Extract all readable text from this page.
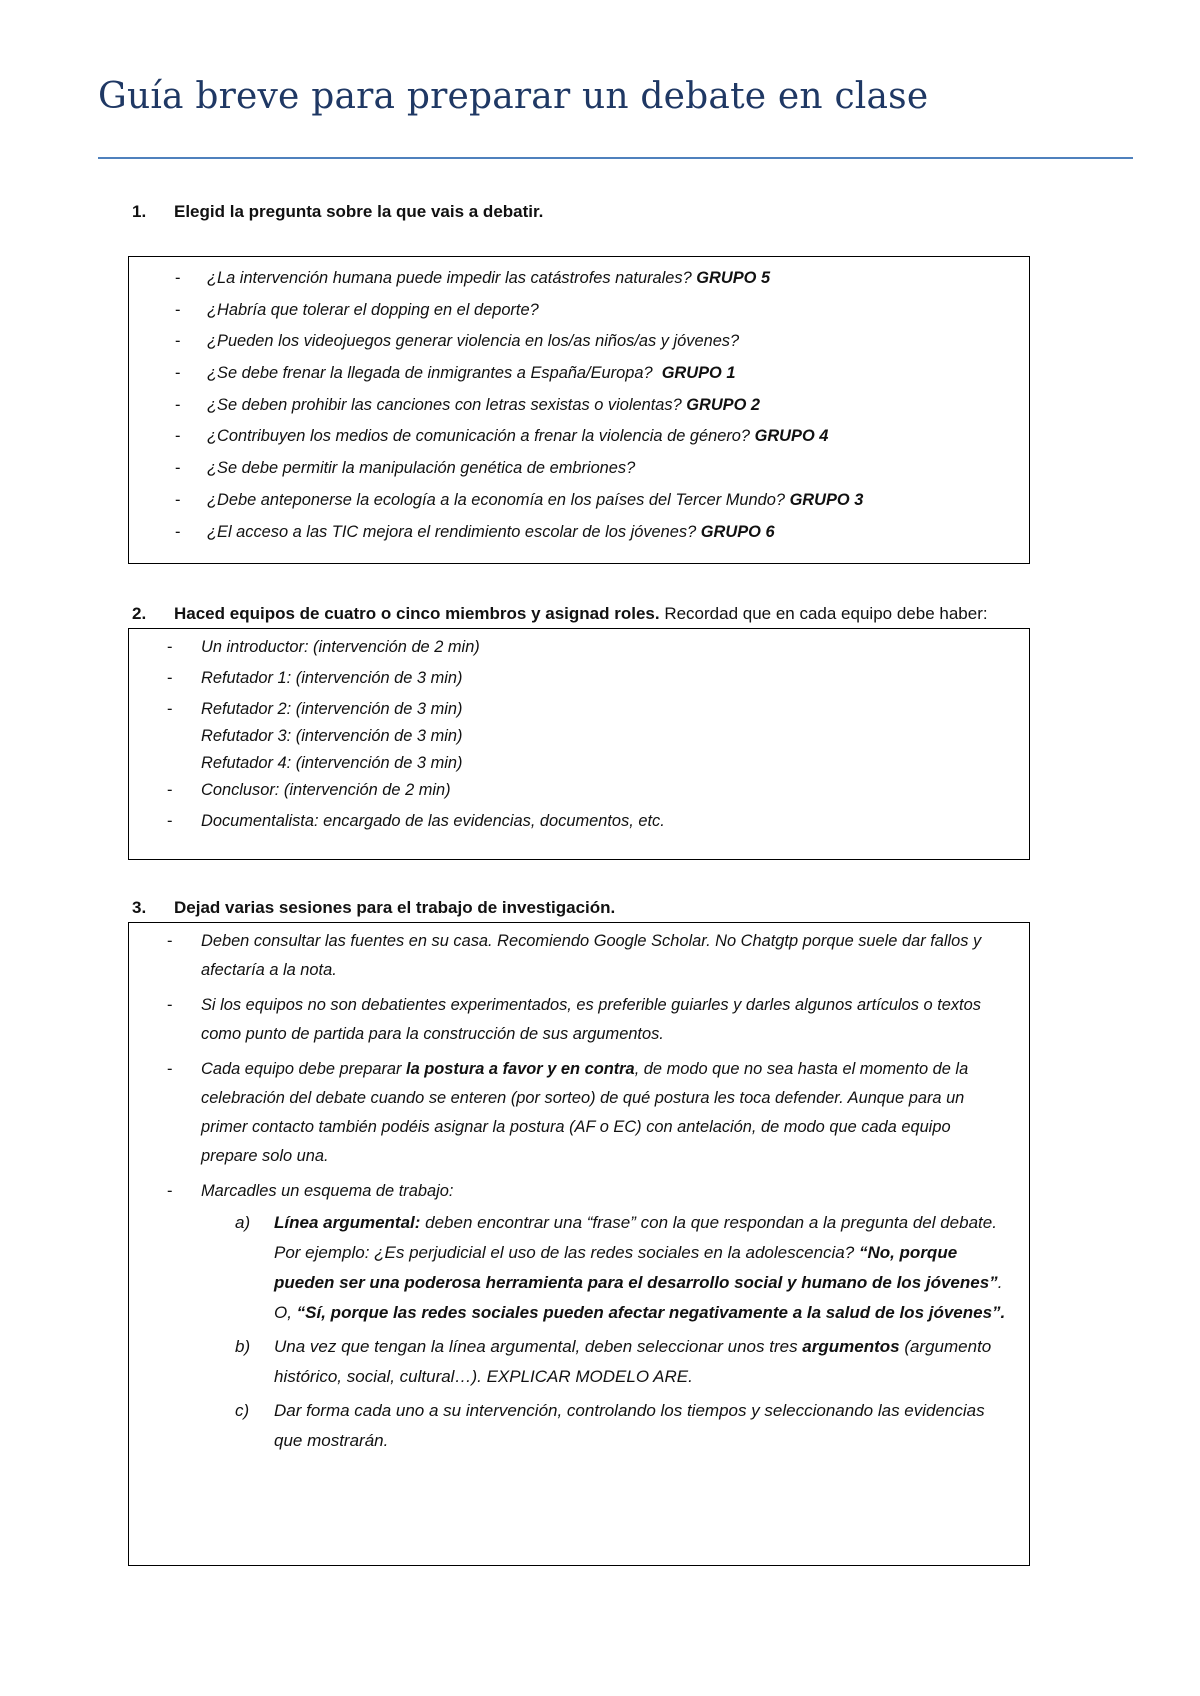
Guía breve para preparar un debate en clase

1. Elegid la pregunta sobre la que vais a debatir.

- ¿La intervención humana puede impedir las catástrofes naturales? GRUPO 5
- ¿Habría que tolerar el dopping en el deporte?
- ¿Pueden los videojuegos generar violencia en los/as niños/as y jóvenes?
- ¿Se debe frenar la llegada de inmigrantes a España/Europa? GRUPO 1
- ¿Se deben prohibir las canciones con letras sexistas o violentas? GRUPO 2
- ¿Contribuyen los medios de comunicación a frenar la violencia de género? GRUPO 4
- ¿Se debe permitir la manipulación genética de embriones?
- ¿Debe anteponerse la ecología a la economía en los países del Tercer Mundo? GRUPO 3
- ¿El acceso a las TIC mejora el rendimiento escolar de los jóvenes? GRUPO 6

2. Haced equipos de cuatro o cinco miembros y asignad roles. Recordad que en cada equipo debe haber:

- Un introductor: (intervención de 2 min)
- Refutador 1: (intervención de 3 min)
- Refutador 2: (intervención de 3 min)
Refutador 3: (intervención de 3 min)
Refutador 4: (intervención de 3 min)
- Conclusor: (intervención de 2 min)
- Documentalista: encargado de las evidencias, documentos, etc.

3. Dejad varias sesiones para el trabajo de investigación.

- Deben consultar las fuentes en su casa. Recomiendo Google Scholar. No Chatgtp porque suele dar fallos y afectaría a la nota.
- Si los equipos no son debatientes experimentados, es preferible guiarles y darles algunos artículos o textos como punto de partida para la construcción de sus argumentos.
- Cada equipo debe preparar la postura a favor y en contra, de modo que no sea hasta el momento de la celebración del debate cuando se enteren (por sorteo) de qué postura les toca defender. Aunque para un primer contacto también podéis asignar la postura (AF o EC) con antelación, de modo que cada equipo prepare solo una.
- Marcadles un esquema de trabajo:
a) Línea argumental: deben encontrar una “frase” con la que respondan a la pregunta del debate. Por ejemplo: ¿Es perjudicial el uso de las redes sociales en la adolescencia? “No, porque pueden ser una poderosa herramienta para el desarrollo social y humano de los jóvenes”. O, “Sí, porque las redes sociales pueden afectar negativamente a la salud de los jóvenes”.
b) Una vez que tengan la línea argumental, deben seleccionar unos tres argumentos (argumento histórico, social, cultural…). EXPLICAR MODELO ARE.
c) Dar forma cada uno a su intervención, controlando los tiempos y seleccionando las evidencias que mostrarán.
